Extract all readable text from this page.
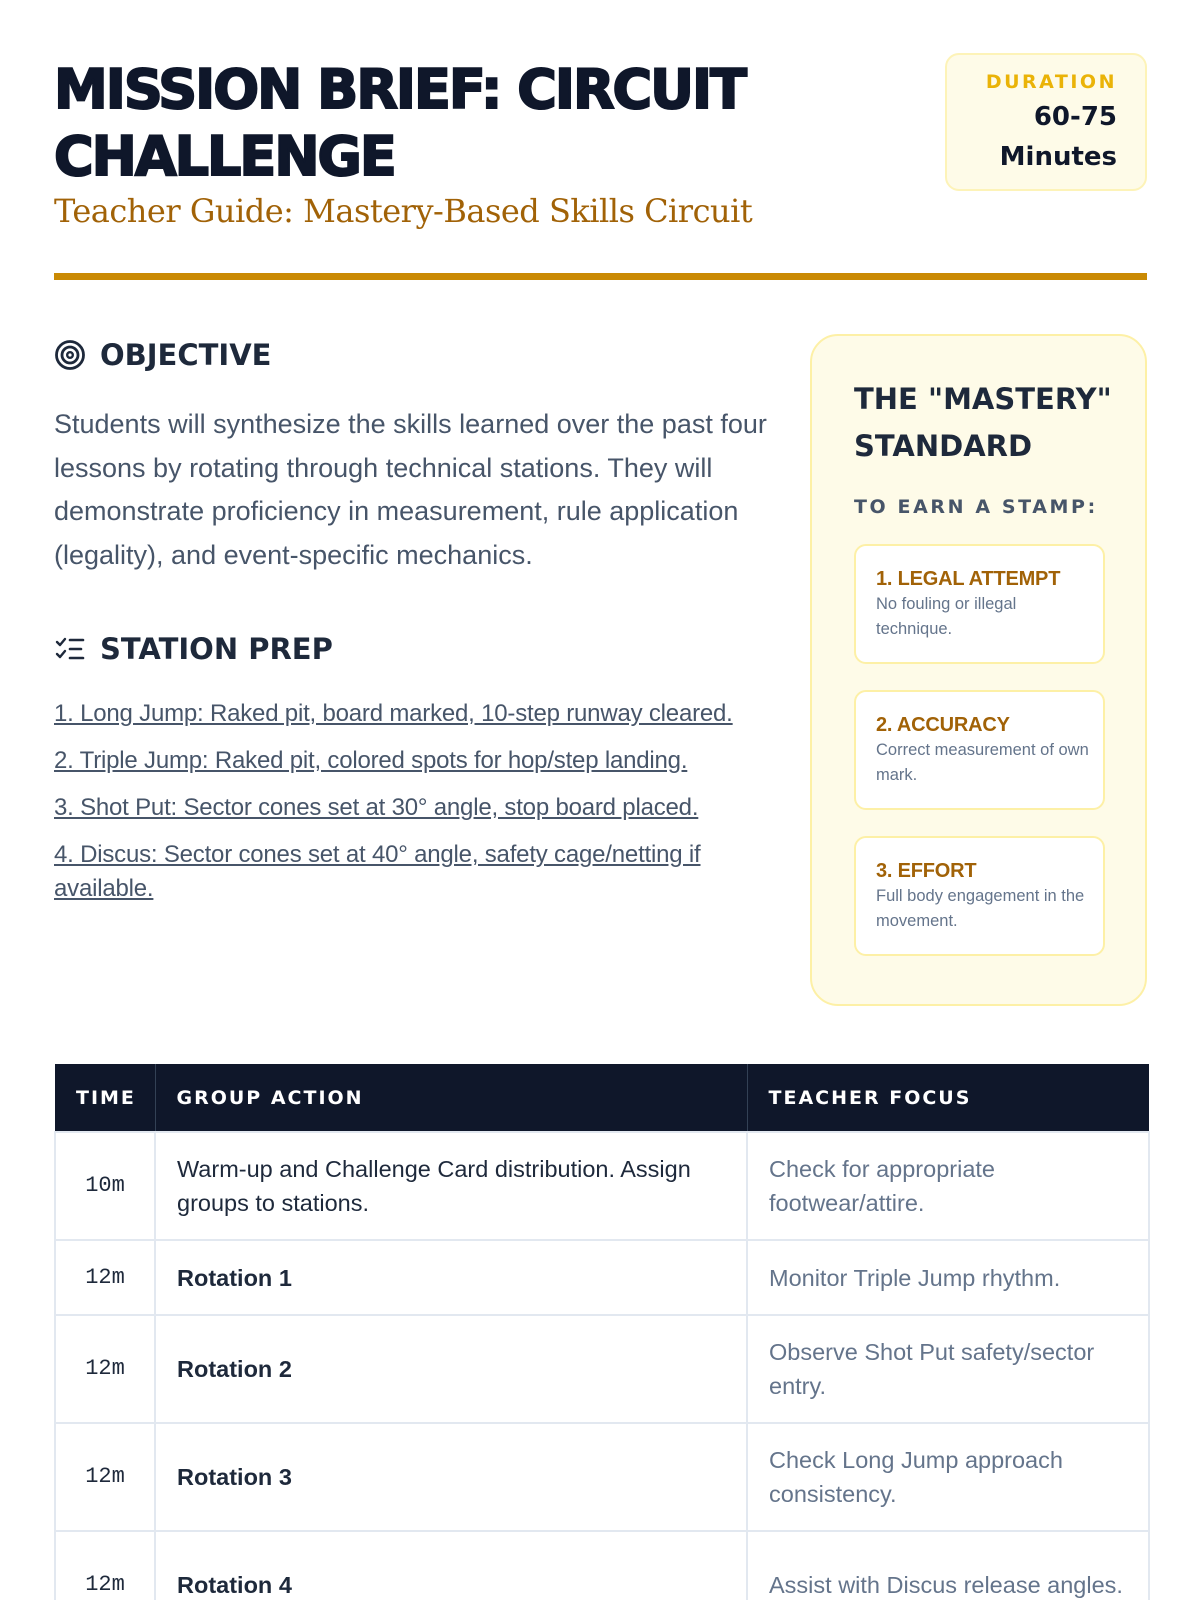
MISSION BRIEF: CIRCUIT CHALLENGE
Teacher Guide: Mastery-Based Skills Circuit
DURATION
60-75
Minutes
OBJECTIVE

Students will synthesize the skills learned over the past four lessons by rotating through technical stations. They will demonstrate proficiency in measurement, rule application (legality), and event-specific mechanics.

STATION PREP
1. Long Jump: Raked pit, board marked, 10-step runway cleared.
2. Triple Jump: Raked pit, colored spots for hop/step landing.
3. Shot Put: Sector cones set at 30° angle, stop board placed.
4. Discus: Sector cones set at 40° angle, safety cage/netting if available.
THE "MASTERY" STANDARD
TO EARN A STAMP:
1. LEGAL ATTEMPT
No fouling or illegal technique.
2. ACCURACY
Correct measurement of own mark.
3. EFFORT
Full body engagement in the movement.
TIME	GROUP ACTION	TEACHER FOCUS
10m	Warm-up and Challenge Card distribution. Assign groups to stations.	Check for appropriate footwear/attire.
12m	Rotation 1	Monitor Triple Jump rhythm.
12m	Rotation 2	Observe Shot Put safety/sector entry.
12m	Rotation 3	Check Long Jump approach consistency.
12m	Rotation 4	Assist with Discus release angles.
